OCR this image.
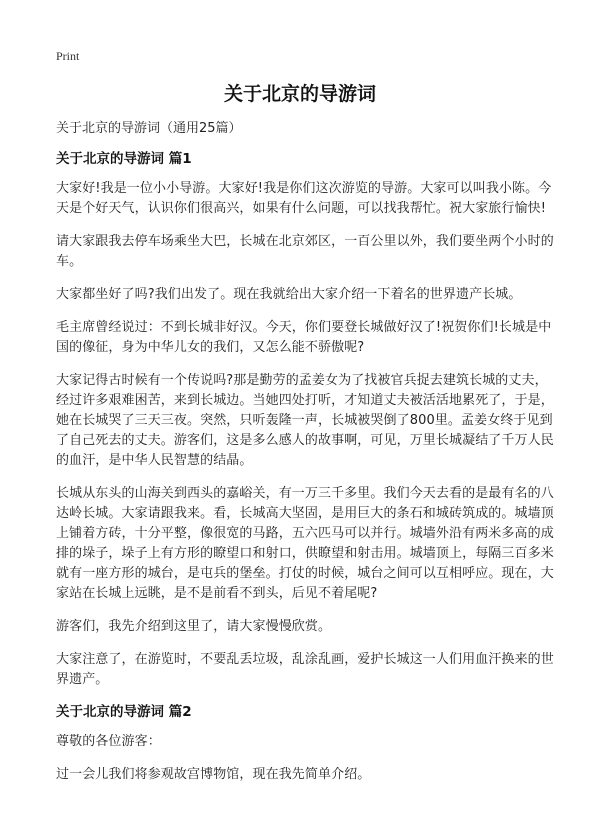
Print
关于北京的导游词

关于北京的导游词（通用25篇）

关于北京的导游词 篇1

大家好!我是一位小小导游。大家好!我是你们这次游览的导游。大家可以叫我小陈。今天是个好天气，认识你们很高兴，如果有什么问题，可以找我帮忙。祝大家旅行愉快!

请大家跟我去停车场乘坐大巴，长城在北京郊区，一百公里以外，我们要坐两个小时的车。

大家都坐好了吗?我们出发了。现在我就给出大家介绍一下着名的世界遗产长城。

毛主席曾经说过：不到长城非好汉。今天，你们要登长城做好汉了!祝贺你们!长城是中国的像征，身为中华儿女的我们，又怎么能不骄傲呢?

大家记得古时候有一个传说吗?那是勤劳的孟姜女为了找被官兵捉去建筑长城的丈夫，经过许多艰难困苦，来到长城边。当她四处打听，才知道丈夫被活活地累死了，于是，她在长城哭了三天三夜。突然，只听轰隆一声，长城被哭倒了800里。孟姜女终于见到了自己死去的丈夫。游客们，这是多么感人的故事啊，可见，万里长城凝结了千万人民的血汗，是中华人民智慧的结晶。

长城从东头的山海关到西头的嘉峪关，有一万三千多里。我们今天去看的是最有名的八达岭长城。大家请跟我来。看，长城高大坚固，是用巨大的条石和城砖筑成的。城墙顶上铺着方砖，十分平整，像很宽的马路，五六匹马可以并行。城墙外沿有两米多高的成排的垛子，垛子上有方形的瞭望口和射口，供瞭望和射击用。城墙顶上，每隔三百多米就有一座方形的城台，是屯兵的堡垒。打仗的时候，城台之间可以互相呼应。现在，大家站在长城上远眺，是不是前看不到头，后见不着尾呢?

游客们，我先介绍到这里了，请大家慢慢欣赏。

大家注意了，在游览时，不要乱丢垃圾，乱涂乱画，爱护长城这一人们用血汗换来的世界遗产。

关于北京的导游词 篇2

尊敬的各位游客：

过一会儿我们将参观故宫博物馆，现在我先简单介绍。
